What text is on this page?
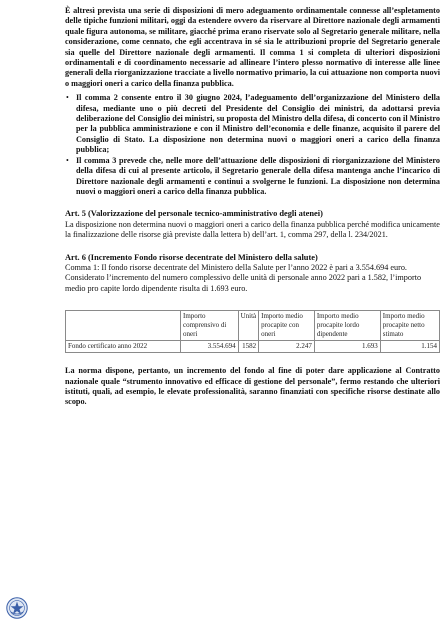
È altresì prevista una serie di disposizioni di mero adeguamento ordinamentale connesse all’espletamento delle tipiche funzioni militari, oggi da estendere ovvero da riservare al Direttore nazionale degli armamenti quale figura autonoma, se militare, giacché prima erano riservate solo al Segretario generale militare, nella considerazione, come cennato, che egli accentrava in sé sia le attribuzioni proprie del Segretario generale sia quelle del Direttore nazionale degli armamenti. Il comma 1 si completa di ulteriori disposizioni ordinamentali e di coordinamento necessarie ad allineare l’intero plesso normativo di interesse alle linee generali della riorganizzazione tracciate a livello normativo primario, la cui attuazione non comporta nuovi o maggiori oneri a carico della finanza pubblica.

• Il comma 2 consente entro il 30 giugno 2024, l’adeguamento dell’organizzazione del Ministero della difesa, mediante uno o più decreti del Presidente del Consiglio dei ministri, da adottarsi previa deliberazione del Consiglio dei ministri, su proposta del Ministro della difesa, di concerto con il Ministro per la pubblica amministrazione e con il Ministro dell’economia e delle finanze, acquisito il parere del Consiglio di Stato. La disposizione non determina nuovi o maggiori oneri a carico della finanza pubblica;
• Il comma 3 prevede che, nelle more dell’attuazione delle disposizioni di riorganizzazione del Ministero della difesa di cui al presente articolo, il Segretario generale della difesa mantenga anche l’incarico di Direttore nazionale degli armamenti e continui a svolgerne le funzioni. La disposizione non determina nuovi o maggiori oneri a carico della finanza pubblica.
Art. 5 (Valorizzazione del personale tecnico-amministrativo degli atenei)

La disposizione non determina nuovi o maggiori oneri a carico della finanza pubblica perché modifica unicamente la finalizzazione delle risorse già previste dalla lettera b) dell’art. 1, comma 297, della l. 234/2021.

Art. 6 (Incremento Fondo risorse decentrate del Ministero della salute)

Comma 1: Il fondo risorse decentrate del Ministero della Salute per l’anno 2022 è pari a 3.554.694 euro. Considerato l’incremento del numero complessivo delle unità di personale anno 2022 pari a 1.582, l’importo medio pro capite lordo dipendente risulta di 1.693 euro.

	Importo comprensivo di oneri	Unità	Importo medio procapite con oneri	Importo medio procapite lordo dipendente	Importo medio procapite netto stimato
Fondo certificato anno 2022	3.554.694	1582	2.247	1.693	1.154

La norma dispone, pertanto, un incremento del fondo al fine di poter dare applicazione al Contratto nazionale quale “strumento innovativo ed efficace di gestione del personale”, fermo restando che ulteriori istituti, quali, ad esempio, le elevate professionalità, saranno finanziati con specifiche risorse destinate allo scopo.
